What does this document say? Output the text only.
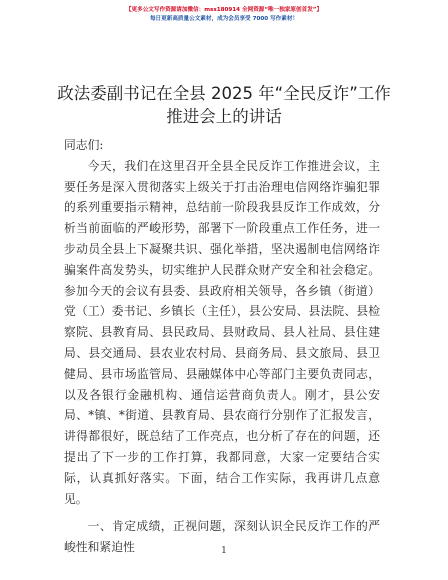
【更多公文写作资源请加微信：mss180914 全网资源“唯一独家原创首发”】
每日更新高质量公文素材，成为会员享受 7000 写作素材！
政法委副书记在全县 2025 年“全民反诈”工作
推进会上的讲话

同志们:

今天，我们在这里召开全县全民反诈工作推进会议，主要任务是深入贯彻落实上级关于打击治理电信网络诈骗犯罪的系列重要指示精神，总结前一阶段我县反诈工作成效，分析当前面临的严峻形势，部署下一阶段重点工作任务，进一步动员全县上下凝聚共识、强化举措，坚决遏制电信网络诈骗案件高发势头，切实维护人民群众财产安全和社会稳定。参加今天的会议有县委、县政府相关领导，各乡镇（街道）党（工）委书记、乡镇长（主任），县公安局、县法院、县检察院、县教育局、县民政局、县财政局、县人社局、县住建局、县交通局、县农业农村局、县商务局、县文旅局、县卫健局、县市场监管局、县融媒体中心等部门主要负责同志，以及各银行金融机构、通信运营商负责人。刚才，县公安局、*镇、*街道、县教育局、县农商行分别作了汇报发言，讲得都很好，既总结了工作亮点，也分析了存在的问题，还提出了下一步的工作打算，我都同意，大家一定要结合实际，认真抓好落实。下面，结合工作实际，我再讲几点意见。

一、肯定成绩，正视问题，深刻认识全民反诈工作的严峻性和紧迫性	1
